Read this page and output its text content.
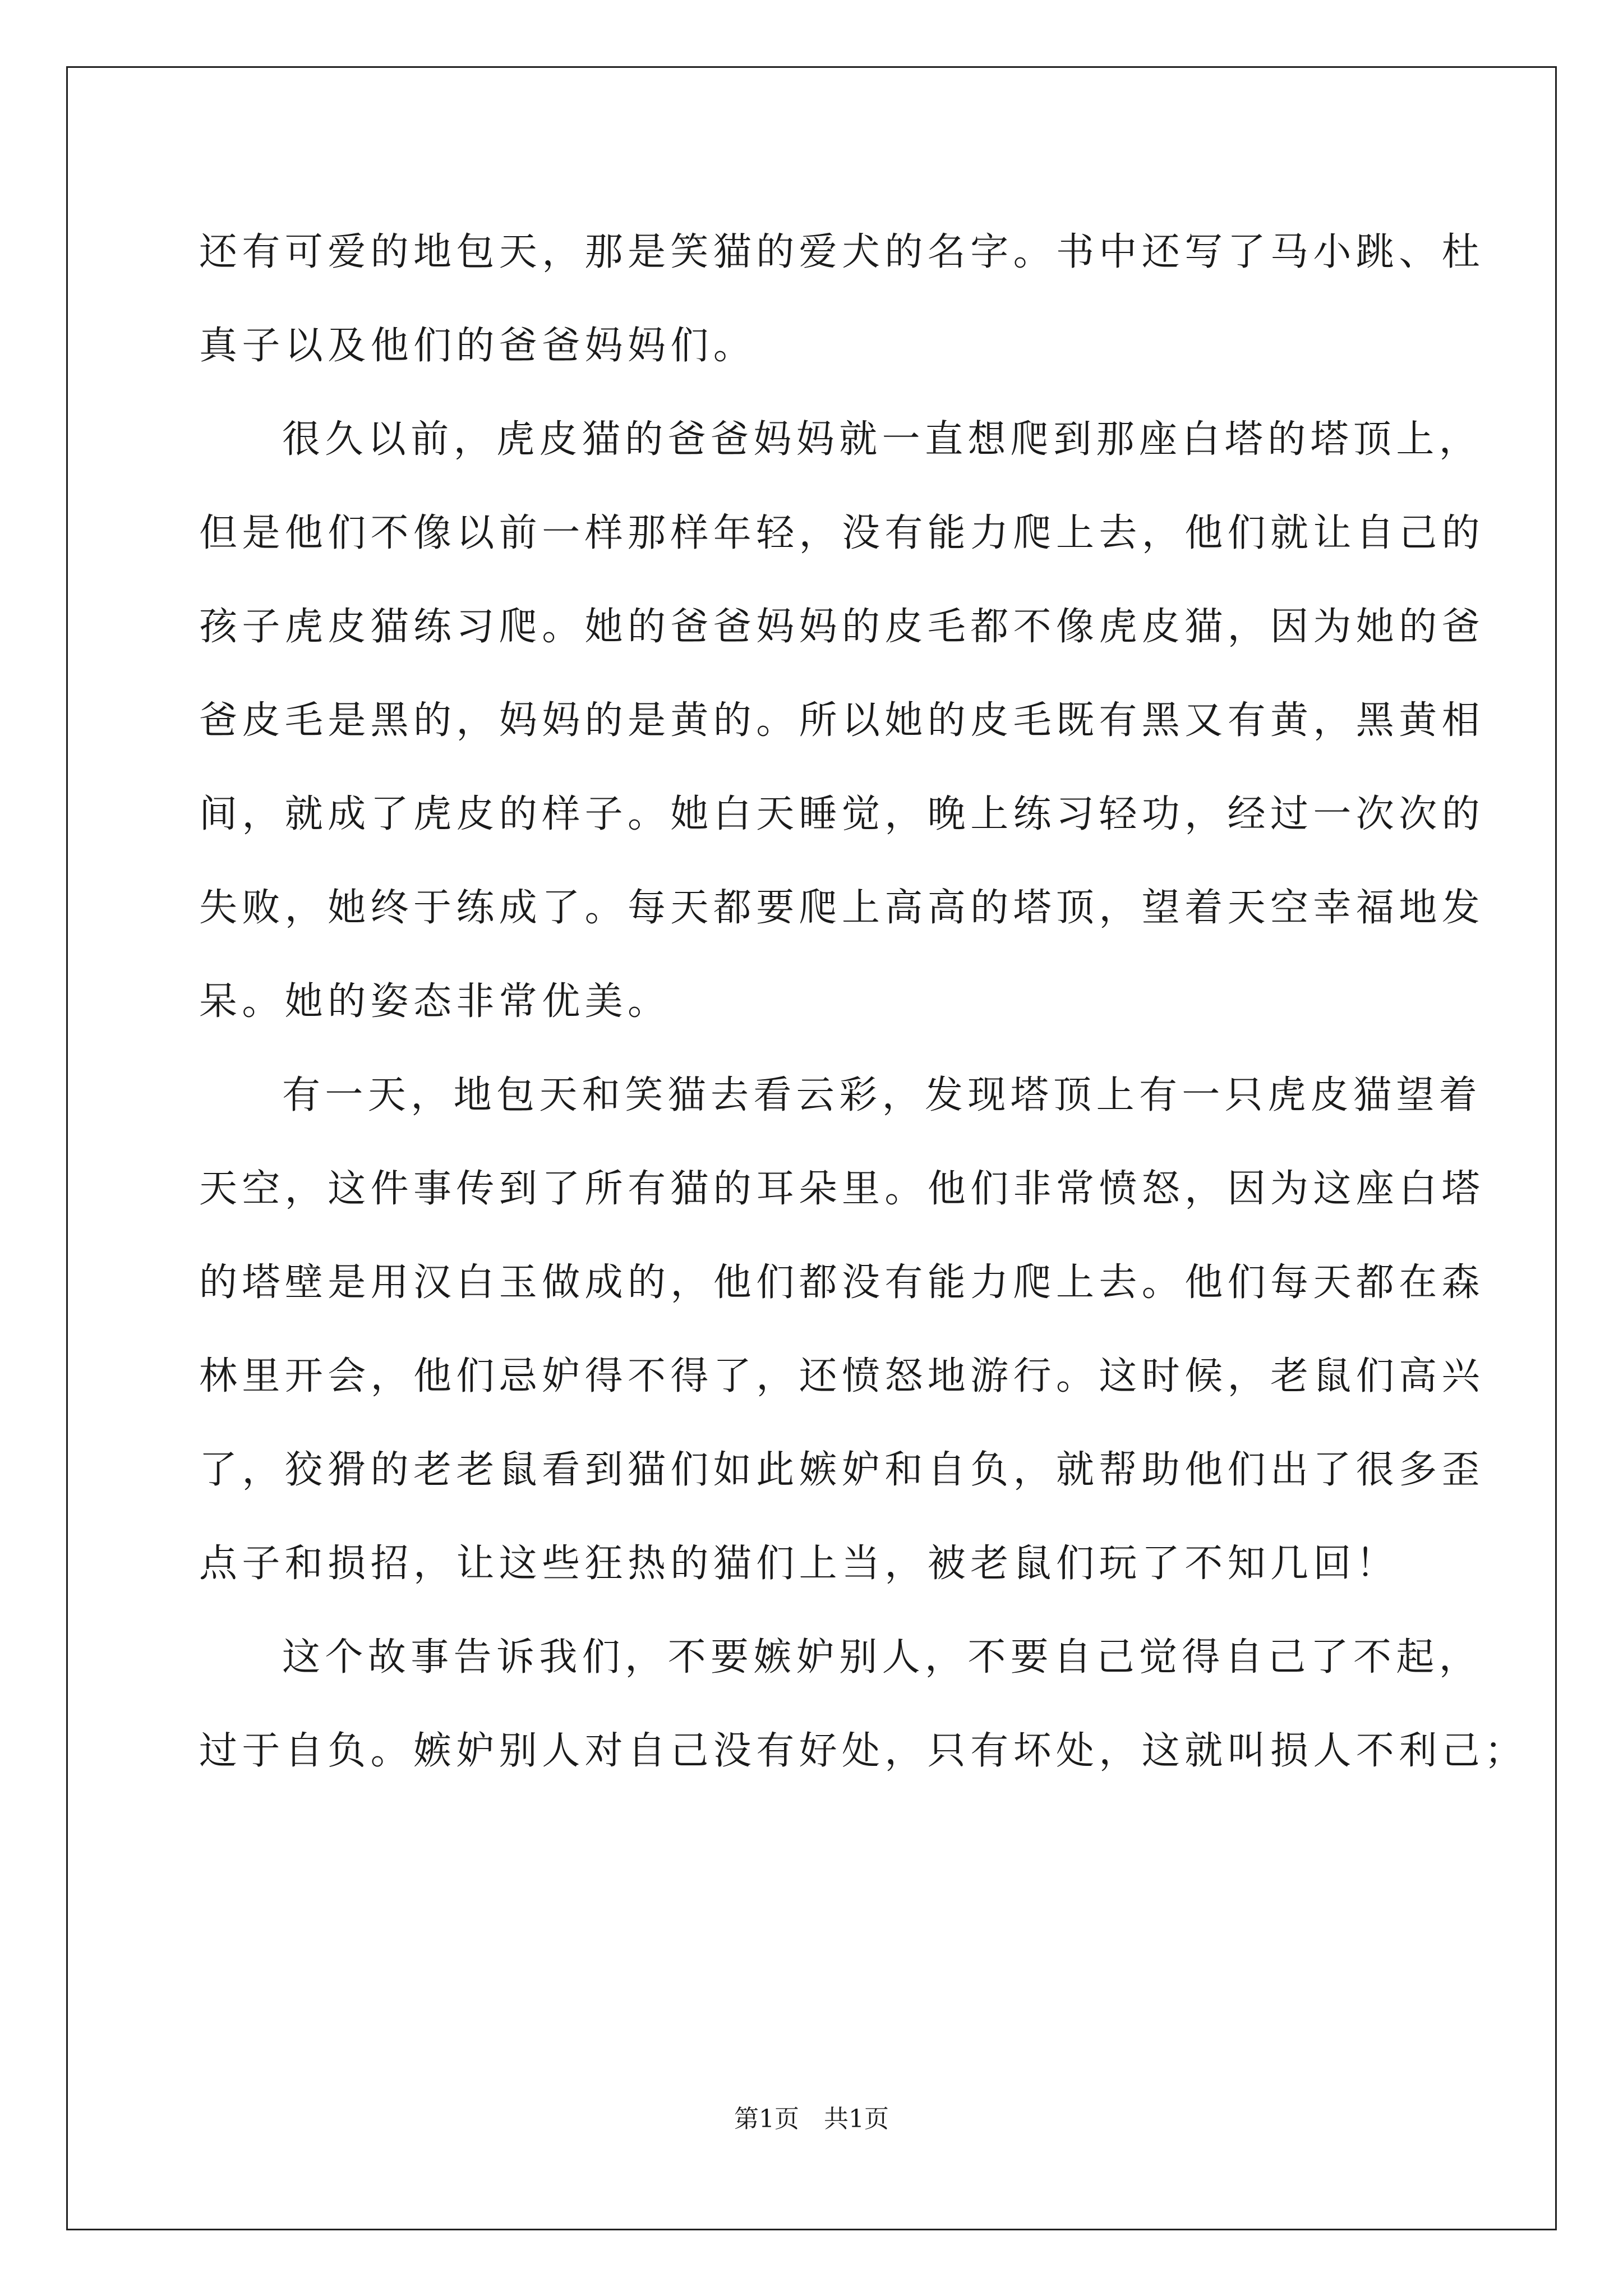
还有可爱的地包天，那是笑猫的爱犬的名字。书中还写了马小跳、杜
真子以及他们的爸爸妈妈们。
很久以前，虎皮猫的爸爸妈妈就一直想爬到那座白塔的塔顶上，
但是他们不像以前一样那样年轻，没有能力爬上去，他们就让自己的
孩子虎皮猫练习爬。她的爸爸妈妈的皮毛都不像虎皮猫，因为她的爸
爸皮毛是黑的，妈妈的是黄的。所以她的皮毛既有黑又有黄，黑黄相
间，就成了虎皮的样子。她白天睡觉，晚上练习轻功，经过一次次的
失败，她终于练成了。每天都要爬上高高的塔顶，望着天空幸福地发
呆。她的姿态非常优美。
有一天，地包天和笑猫去看云彩，发现塔顶上有一只虎皮猫望着
天空，这件事传到了所有猫的耳朵里。他们非常愤怒，因为这座白塔
的塔壁是用汉白玉做成的，他们都没有能力爬上去。他们每天都在森
林里开会，他们忌妒得不得了，还愤怒地游行。这时候，老鼠们高兴
了，狡猾的老老鼠看到猫们如此嫉妒和自负，就帮助他们出了很多歪
点子和损招，让这些狂热的猫们上当，被老鼠们玩了不知几回！
这个故事告诉我们，不要嫉妒别人，不要自己觉得自己了不起，
过于自负。嫉妒别人对自己没有好处，只有坏处，这就叫损人不利己；
第1页　共1页
